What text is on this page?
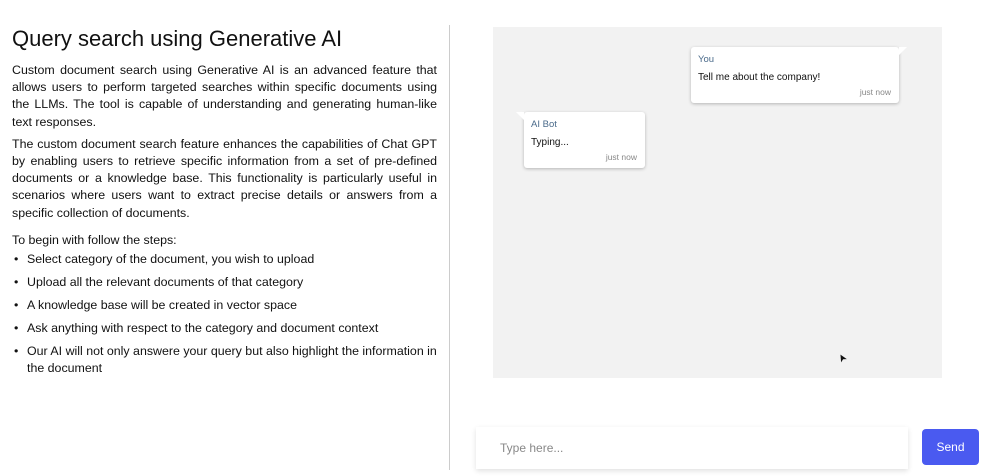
Query search using Generative AI

Custom document search using Generative AI is an advanced feature that allows users to perform targeted searches within specific documents using the LLMs. The tool is capable of understanding and generating human-like text responses.

The custom document search feature enhances the capabilities of Chat GPT by enabling users to retrieve specific information from a set of pre-defined documents or a knowledge base. This functionality is particularly useful in scenarios where users want to extract precise details or answers from a specific collection of documents.

To begin with follow the steps:

• Select category of the document, you wish to upload
• Upload all the relevant documents of that category
• A knowledge base will be created in vector space
• Ask anything with respect to the category and document context
• Our AI will not only answere your query but also highlight the information in the document
You
Tell me about the company!
just now
AI Bot
Typing...
just now
➤
Type here...
Send
